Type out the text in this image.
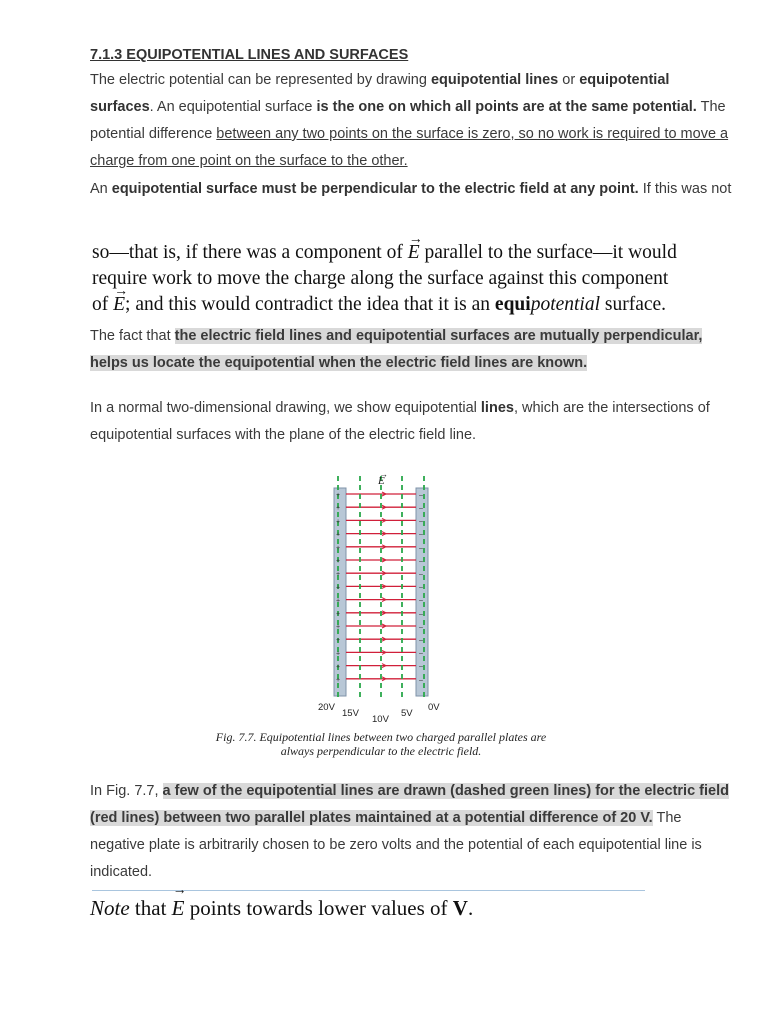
7.1.3 EQUIPOTENTIAL LINES AND SURFACES
The electric potential can be represented by drawing equipotential lines or equipotential surfaces. An equipotential surface is the one on which all points are at the same potential. The potential difference between any two points on the surface is zero, so no work is required to move a charge from one point on the surface to the other.
An equipotential surface must be perpendicular to the electric field at any point. If this was not
so—that is, if there was a component of → E parallel to the surface—it would
require work to move the charge along the surface against this component
of → E; and this would contradict the idea that it is an equipotential surface.
The fact that the electric field lines and equipotential surfaces are mutually perpendicular, helps us locate the equipotential when the electric field lines are known.
In a normal two-dimensional drawing, we show equipotential lines, which are the intersections of equipotential surfaces with the plane of the electric field line.
+	–
+	–
+	–
+	–
+	–
+	–
+	–
+	–
+	–
+	–
+	–
+	–
+	–
+	–
+	–
E
→
20V
15V
10V
5V
0V
Fig. 7.7. Equipotential lines between two charged parallel plates are
always perpendicular to the electric field.
In Fig. 7.7, a few of the equipotential lines are drawn (dashed green lines) for the electric field (red lines) between two parallel plates maintained at a potential difference of 20 V. The negative plate is arbitrarily chosen to be zero volts and the potential of each equipotential line is indicated.
Note that → E points towards lower values of V.
